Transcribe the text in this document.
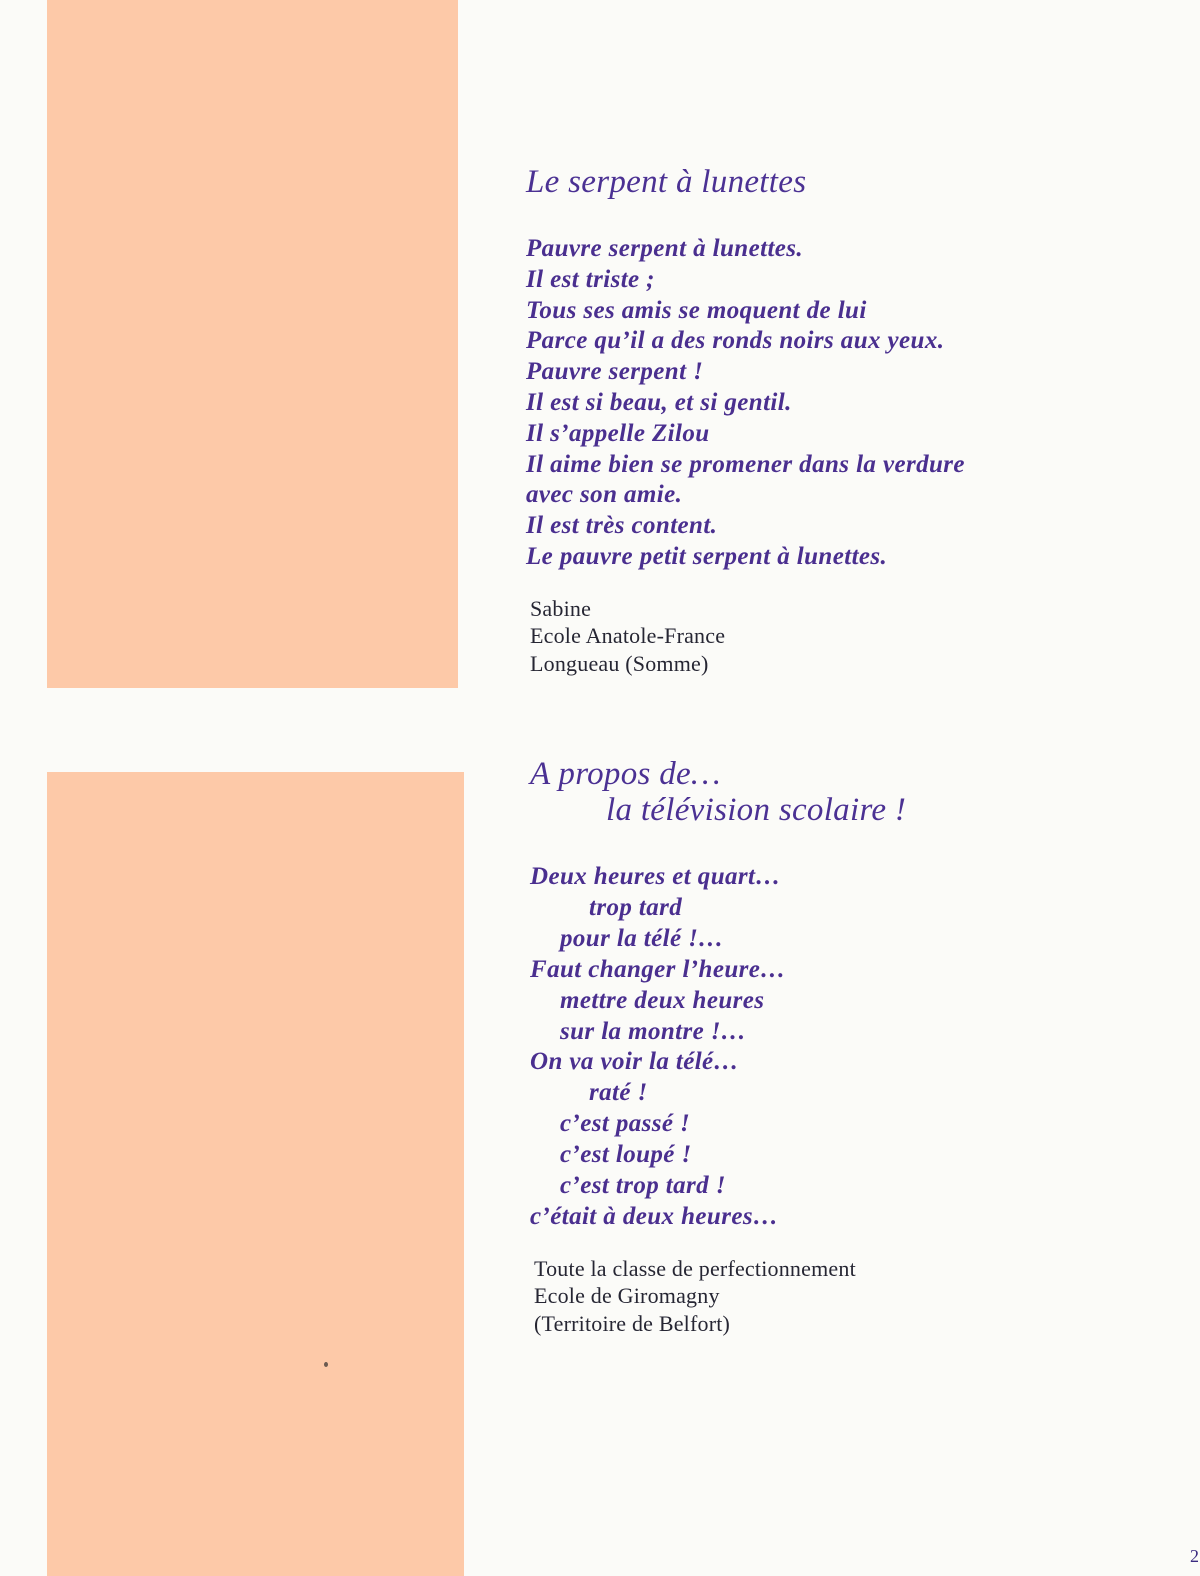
Le serpent à lunettes
Pauvre serpent à lunettes.
Il est triste ;
Tous ses amis se moquent de lui
Parce qu’il a des ronds noirs aux yeux.
Pauvre serpent !
Il est si beau, et si gentil.
Il s’appelle Zilou
Il aime bien se promener dans la verdure
avec son amie.
Il est très content.
Le pauvre petit serpent à lunettes.
Sabine
Ecole Anatole-France
Longueau (Somme)
A propos de…
la télévision scolaire !
Deux heures et quart…
trop tard
pour la télé !…
Faut changer l’heure…
mettre deux heures
sur la montre !…
On va voir la télé…
raté !
c’est passé !
c’est loupé !
c’est trop tard !
c’était à deux heures…
Toute la classe de perfectionnement
Ecole de Giromagny
(Territoire de Belfort)
2
